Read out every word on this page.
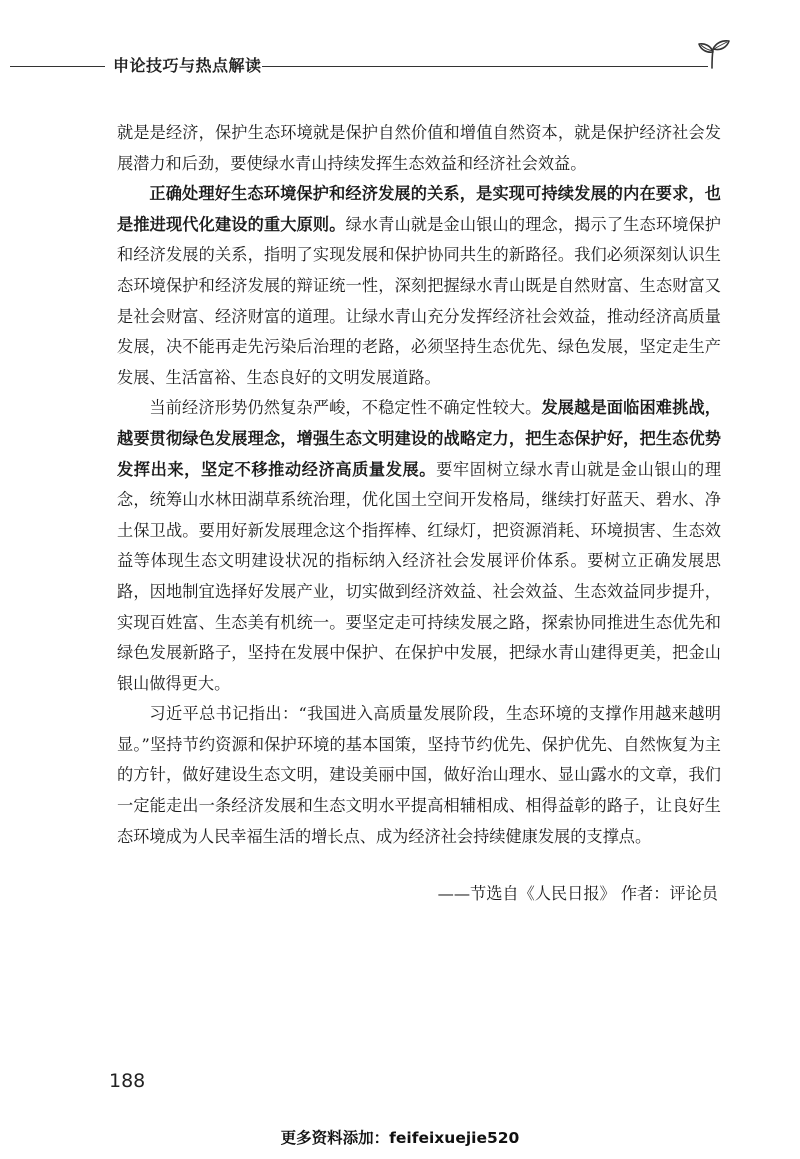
申论技巧与热点解读

就是是经济，保护生态环境就是保护自然价值和增值自然资本，就是保护经济社会发展潜力和后劲，要使绿水青山持续发挥生态效益和经济社会效益。

正确处理好生态环境保护和经济发展的关系，是实现可持续发展的内在要求，也是推进现代化建设的重大原则。绿水青山就是金山银山的理念，揭示了生态环境保护和经济发展的关系，指明了实现发展和保护协同共生的新路径。我们必须深刻认识生态环境保护和经济发展的辩证统一性，深刻把握绿水青山既是自然财富、生态财富又是社会财富、经济财富的道理。让绿水青山充分发挥经济社会效益，推动经济高质量发展，决不能再走先污染后治理的老路，必须坚持生态优先、绿色发展，坚定走生产发展、生活富裕、生态良好的文明发展道路。

当前经济形势仍然复杂严峻，不稳定性不确定性较大。发展越是面临困难挑战，越要贯彻绿色发展理念，增强生态文明建设的战略定力，把生态保护好，把生态优势发挥出来，坚定不移推动经济高质量发展。要牢固树立绿水青山就是金山银山的理念，统筹山水林田湖草系统治理，优化国土空间开发格局，继续打好蓝天、碧水、净土保卫战。要用好新发展理念这个指挥棒、红绿灯，把资源消耗、环境损害、生态效益等体现生态文明建设状况的指标纳入经济社会发展评价体系。要树立正确发展思路，因地制宜选择好发展产业，切实做到经济效益、社会效益、生态效益同步提升，实现百姓富、生态美有机统一。要坚定走可持续发展之路，探索协同推进生态优先和绿色发展新路子，坚持在发展中保护、在保护中发展，把绿水青山建得更美，把金山银山做得更大。

习近平总书记指出：“我国进入高质量发展阶段，生态环境的支撑作用越来越明显。”坚持节约资源和保护环境的基本国策，坚持节约优先、保护优先、自然恢复为主的方针，做好建设生态文明，建设美丽中国，做好治山理水、显山露水的文章，我们一定能走出一条经济发展和生态文明水平提高相辅相成、相得益彰的路子，让良好生态环境成为人民幸福生活的增长点、成为经济社会持续健康发展的支撑点。

——节选自《人民日报》 作者：评论员
188
更多资料添加：feifeixuejie520
